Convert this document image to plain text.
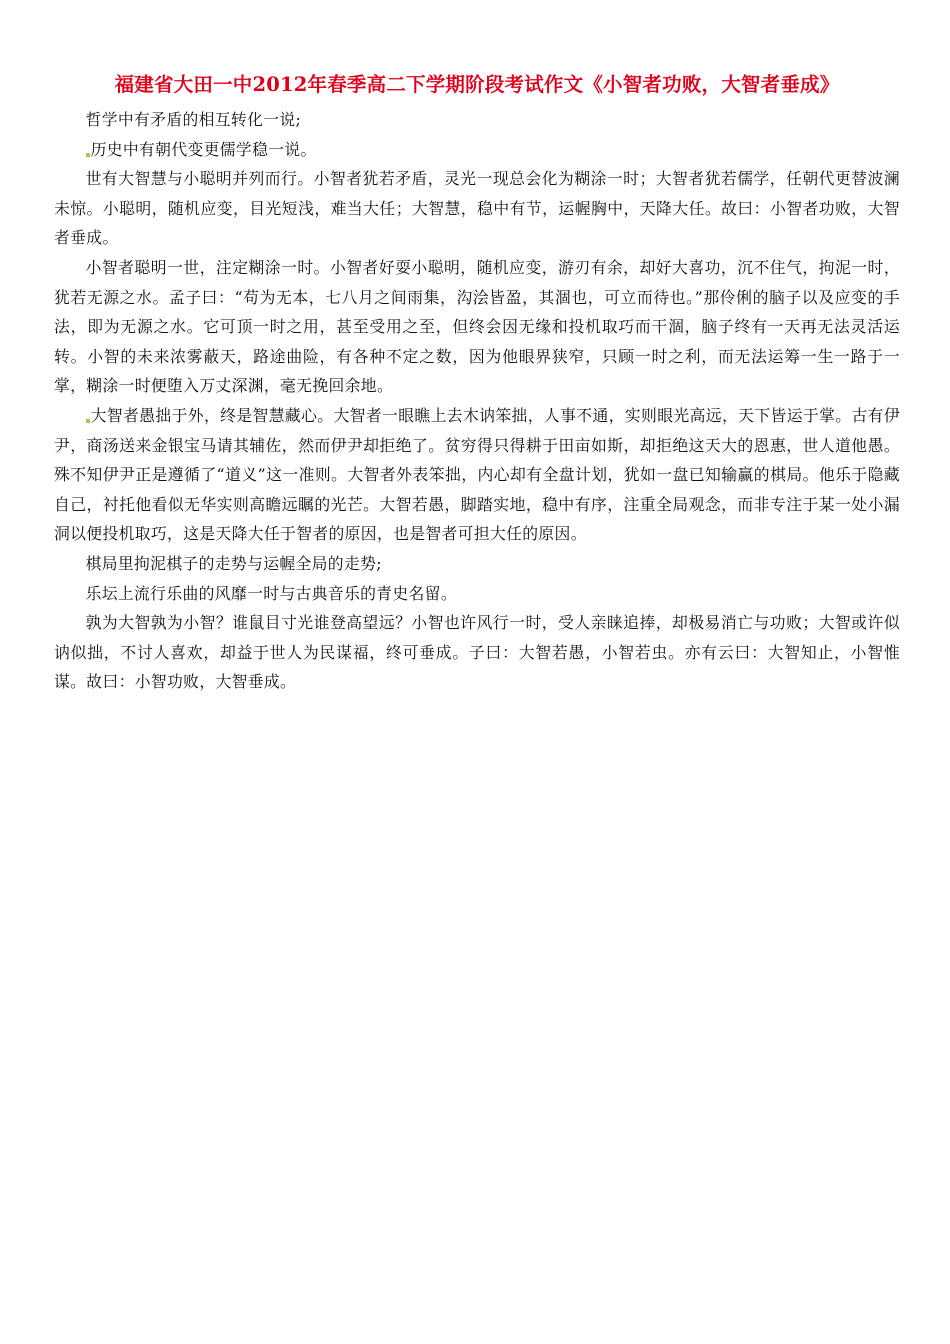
福建省大田一中2012年春季高二下学期阶段考试作文《小智者功败，大智者垂成》

哲学中有矛盾的相互转化一说;

历史中有朝代变更儒学稳一说。

世有大智慧与小聪明并列而行。小智者犹若矛盾，灵光一现总会化为糊涂一时；大智者犹若儒学，任朝代更替波澜未惊。小聪明，随机应变，目光短浅，难当大任；大智慧，稳中有节，运幄胸中，天降大任。故曰：小智者功败，大智者垂成。

小智者聪明一世，注定糊涂一时。小智者好耍小聪明，随机应变，游刃有余，却好大喜功，沉不住气，拘泥一时，犹若无源之水。孟子曰：“苟为无本，七八月之间雨集，沟浍皆盈，其涸也，可立而待也。”那伶俐的脑子以及应变的手法，即为无源之水。它可顶一时之用，甚至受用之至，但终会因无缘和投机取巧而干涸，脑子终有一天再无法灵活运转。小智的未来浓雾蔽天，路途曲险，有各种不定之数，因为他眼界狭窄，只顾一时之利，而无法运筹一生一路于一掌，糊涂一时便堕入万丈深渊，毫无挽回余地。

大智者愚拙于外，终是智慧藏心。大智者一眼瞧上去木讷笨拙，人事不通，实则眼光高远，天下皆运于掌。古有伊尹，商汤送来金银宝马请其辅佐，然而伊尹却拒绝了。贫穷得只得耕于田亩如斯，却拒绝这天大的恩惠，世人道他愚。殊不知伊尹正是遵循了“道义”这一准则。大智者外表笨拙，内心却有全盘计划，犹如一盘已知输赢的棋局。他乐于隐藏自己，衬托他看似无华实则高瞻远瞩的光芒。大智若愚，脚踏实地，稳中有序，注重全局观念，而非专注于某一处小漏洞以便投机取巧，这是天降大任于智者的原因，也是智者可担大任的原因。

棋局里拘泥棋子的走势与运幄全局的走势;

乐坛上流行乐曲的风靡一时与古典音乐的青史名留。

孰为大智孰为小智？谁鼠目寸光谁登高望远？小智也许风行一时，受人亲睐追捧，却极易消亡与功败；大智或许似讷似拙，不讨人喜欢，却益于世人为民谋福，终可垂成。子曰：大智若愚，小智若虫。亦有云曰：大智知止，小智惟谋。故曰：小智功败，大智垂成。
